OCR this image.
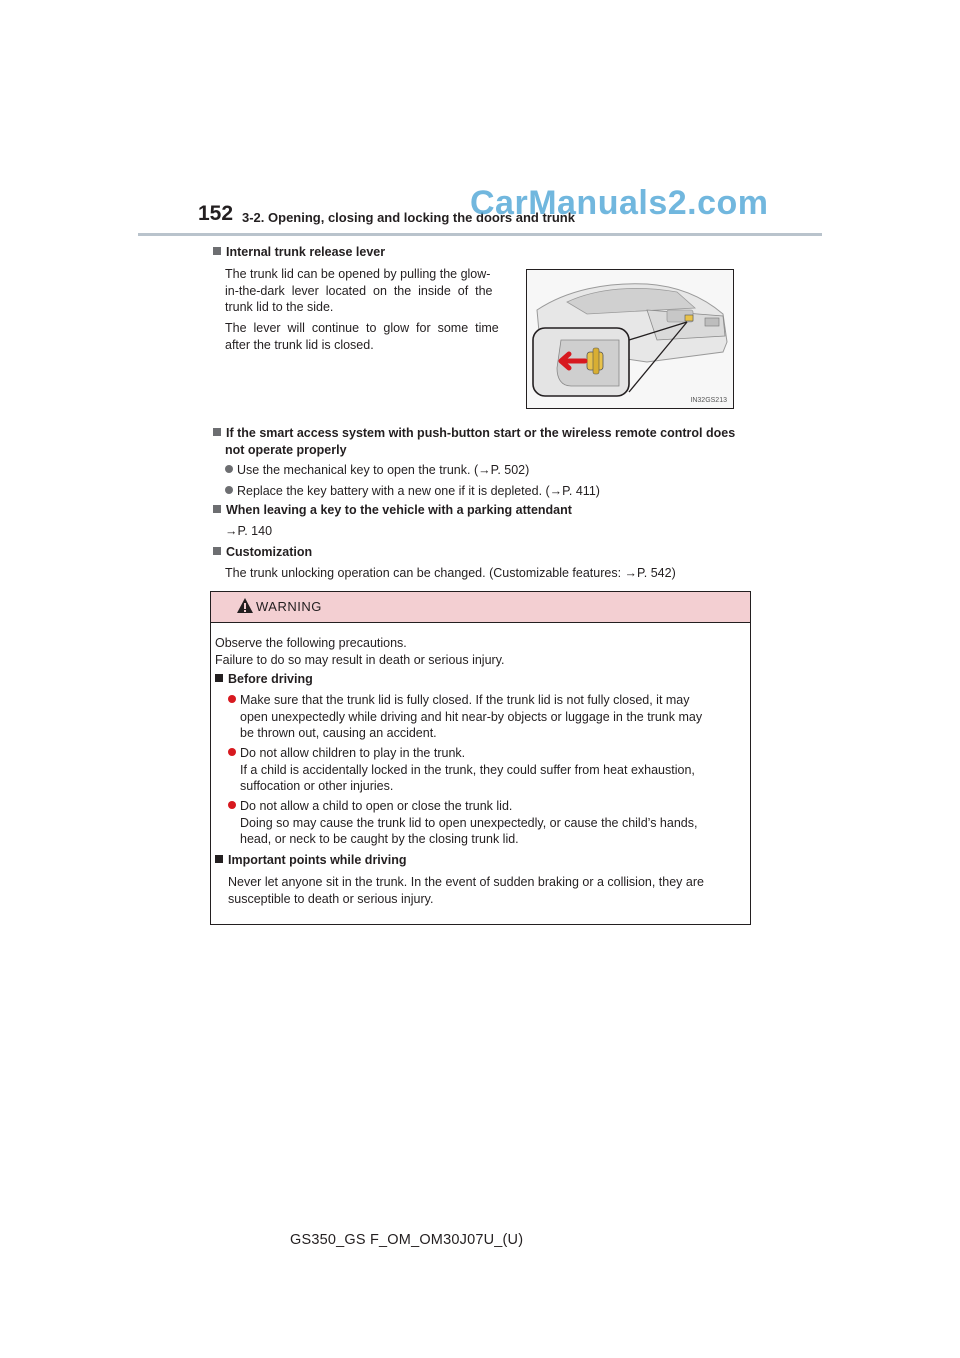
152 3-2. Opening, closing and locking the doors and trunk
CarManuals2.com
Internal trunk release lever
The trunk lid can be opened by pulling the glow-
in-the-dark  lever  located  on  the  inside  of  the
trunk lid to the side.
The  lever  will  continue  to  glow  for  some  time
after the trunk lid is closed.
IN32GS213
If the smart access system with push-button start or the wireless remote control does
not operate properly
Use the mechanical key to open the trunk. (→P. 502)
Replace the key battery with a new one if it is depleted. (→P. 411)
When leaving a key to the vehicle with a parking attendant
→P. 140
Customization
The trunk unlocking operation can be changed. (Customizable features: →P. 542)
WARNING
Observe the following precautions.
Failure to do so may result in death or serious injury.
Before driving
Make sure that the trunk lid is fully closed. If the trunk lid is not fully closed, it may
open unexpectedly while driving and hit near-by objects or luggage in the trunk may
be thrown out, causing an accident.
Do not allow children to play in the trunk.
If a child is accidentally locked in the trunk, they could suffer from heat exhaustion,
suffocation or other injuries.
Do not allow a child to open or close the trunk lid.
Doing so may cause the trunk lid to open unexpectedly, or cause the child’s hands,
head, or neck to be caught by the closing trunk lid.
Important points while driving
Never let anyone sit in the trunk. In the event of sudden braking or a collision, they are
susceptible to death or serious injury.
GS350_GS F_OM_OM30J07U_(U)
